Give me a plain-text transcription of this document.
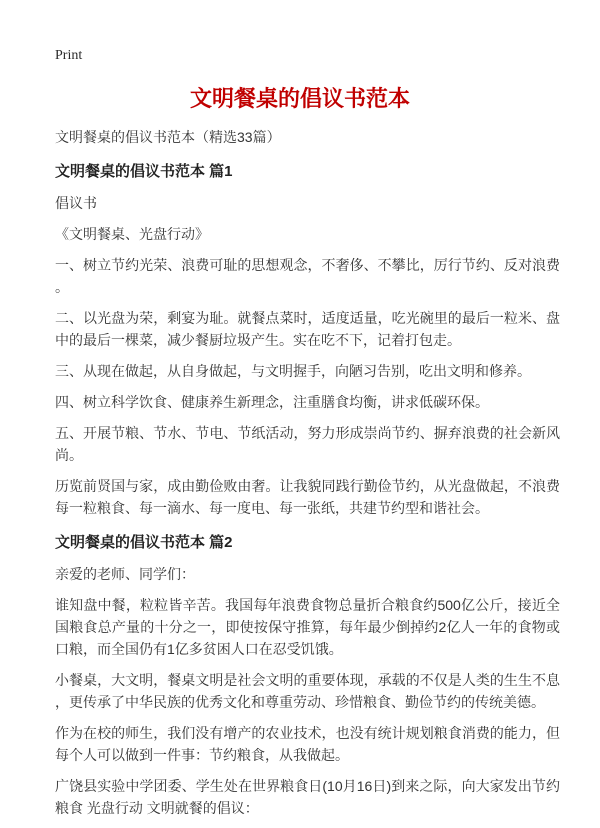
Print
文明餐桌的倡议书范本
文明餐桌的倡议书范本（精选33篇）
文明餐桌的倡议书范本 篇1

倡议书

《文明餐桌、光盘行动》

一、树立节约光荣、浪费可耻的思想观念，不奢侈、不攀比，厉行节约、反对浪费。

二、以光盘为荣，剩宴为耻。就餐点菜时，适度适量，吃光碗里的最后一粒米、盘中的最后一棵菜，减少餐厨垃圾产生。实在吃不下，记着打包走。

三、从现在做起，从自身做起，与文明握手，向陋习告别，吃出文明和修养。

四、树立科学饮食、健康养生新理念，注重膳食均衡，讲求低碳环保。

五、开展节粮、节水、节电、节纸活动，努力形成崇尚节约、摒弃浪费的社会新风尚。

历览前贤国与家，成由勤俭败由奢。让我貌同践行勤俭节约，从光盘做起，不浪费每一粒粮食、每一滴水、每一度电、每一张纸，共建节约型和谐社会。

文明餐桌的倡议书范本 篇2

亲爱的老师、同学们：

谁知盘中餐，粒粒皆辛苦。我国每年浪费食物总量折合粮食约500亿公斤，接近全国粮食总产量的十分之一，即使按保守推算，每年最少倒掉约2亿人一年的食物或口粮，而全国仍有1亿多贫困人口在忍受饥饿。

小餐桌，大文明，餐桌文明是社会文明的重要体现，承载的不仅是人类的生生不息，更传承了中华民族的优秀文化和尊重劳动、珍惜粮食、勤俭节约的传统美德。

作为在校的师生，我们没有增产的农业技术，也没有统计规划粮食消费的能力，但每个人可以做到一件事：节约粮食，从我做起。

广饶县实验中学团委、学生处在世界粮食日(10月16日)到来之际，向大家发出节约粮食 光盘行动 文明就餐的倡议：
